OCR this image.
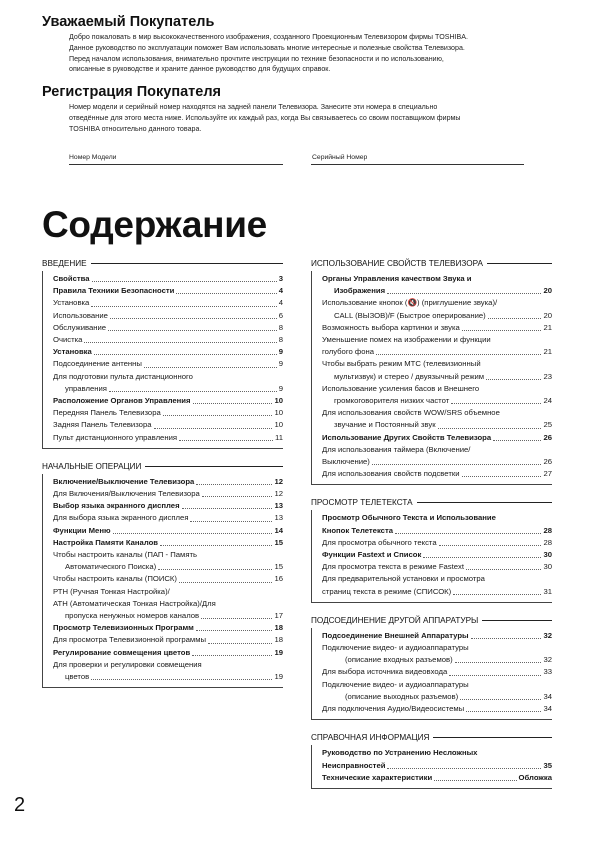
Уважаемый Покупатель
Добро пожаловать в мир высококачественного изображения, созданного Проекционным Телевизором фирмы TOSHIBA.
Данное руководство по эксплуатации поможет Вам использовать многие интересные и полезные свойства Телевизора.
Перед началом использования, внимательно прочтите инструкции по технике безопасности и по использованию,
описанные в руководстве и храните данное руководство для будущих справок.
Регистрация Покупателя
Номер модели и серийный номер находятся на задней панели Телевизора. Занесите эти номера в специально
отведённые для этого места ниже. Используйте их каждый раз, когда Вы связываетесь со своим поставщиком фирмы
TOSHIBA относительно данного товара.
Номер Модели	Серийный Номер
Содержание
ВВЕДЕНИЕ
Свойства	3
Правила Техники Безопасности	4
Установка	4
Использование	6
Обслуживание	8
Очистка	8
Установка	9
Подсоединение антенны	9
Для подготовки пульта дистанционного
управления	9
Расположение Органов Управления	10
Передняя Панель Телевизора	10
Задняя Панель Телевизора	10
Пульт дистанционного управления	11
НАЧАЛЬНЫЕ ОПЕРАЦИИ
Включение/Выключение Телевизора	12
Для Включения/Выключения Телевизора	12
Выбор языка экранного дисплея	13
Для выбора языка экранного дисплея	13
Функции Меню	14
Настройка Памяти Каналов	15
Чтобы настроить каналы (ПАП - Память
Автоматического Поиска)	15
Чтобы настроить каналы (ПОИСК)	16
РТН (Ручная Тонкая Настройка)/
АТН (Автоматическая Тонкая Настройка)/Для
пропуска ненужных номеров каналов	17
Просмотр Телевизионных Программ	18
Для просмотра Телевизионной программы	18
Регулирование совмещения цветов	19
Для проверки и регулировки совмещения
цветов	19
ИСПОЛЬЗОВАНИЕ СВОЙСТВ ТЕЛЕВИЗОРА
Органы Управления качеством Звука и
Изображения	20
Использование кнопок (🔇) (приглушение звука)/
CALL (ВЫЗОВ)/F (Быстрое оперирование)	20
Возможность выбора картинки и звука	21
Уменьшение помех на изображении и функции
голубого фона	21
Чтобы выбрать режим МТС (телевизионный
мультизвук) и стерео / двуязычный режим	23
Использование усиления басов и Внешнего
громкоговорителя низких частот	24
Для использования свойств WOW/SRS объемное
звучание и Постоянный звук	25
Использование Других Свойств Телевизора	26
Для использования таймера (Включение/
Выключение)	26
Для использования свойств подсветки	27
ПРОСМОТР ТЕЛЕТЕКСТА
Просмотр Обычного Текста и Использование
Кнопок Телетекста	28
Для просмотра обычного текста	28
Функции Fastext и Список	30
Для просмотра текста в режиме Fastext	30
Для предварительной установки и просмотра
страниц текста в режиме (СПИСОК)	31
ПОДСОЕДИНЕНИЕ ДРУГОЙ АППАРАТУРЫ
Подсоединение Внешней Аппаратуры	32
Подключение видео- и аудиоаппаратуры
(описание входных разъемов)	32
Для выбора источника видеовхода	33
Подключение видео- и аудиоаппаратуры
(описание выходных разъемов)	34
Для подключения Аудио/Видеосистемы	34
СПРАВОЧНАЯ ИНФОРМАЦИЯ
Руководство по Устранению Несложных
Неисправностей	35
Технические характеристики	Обложка
2
